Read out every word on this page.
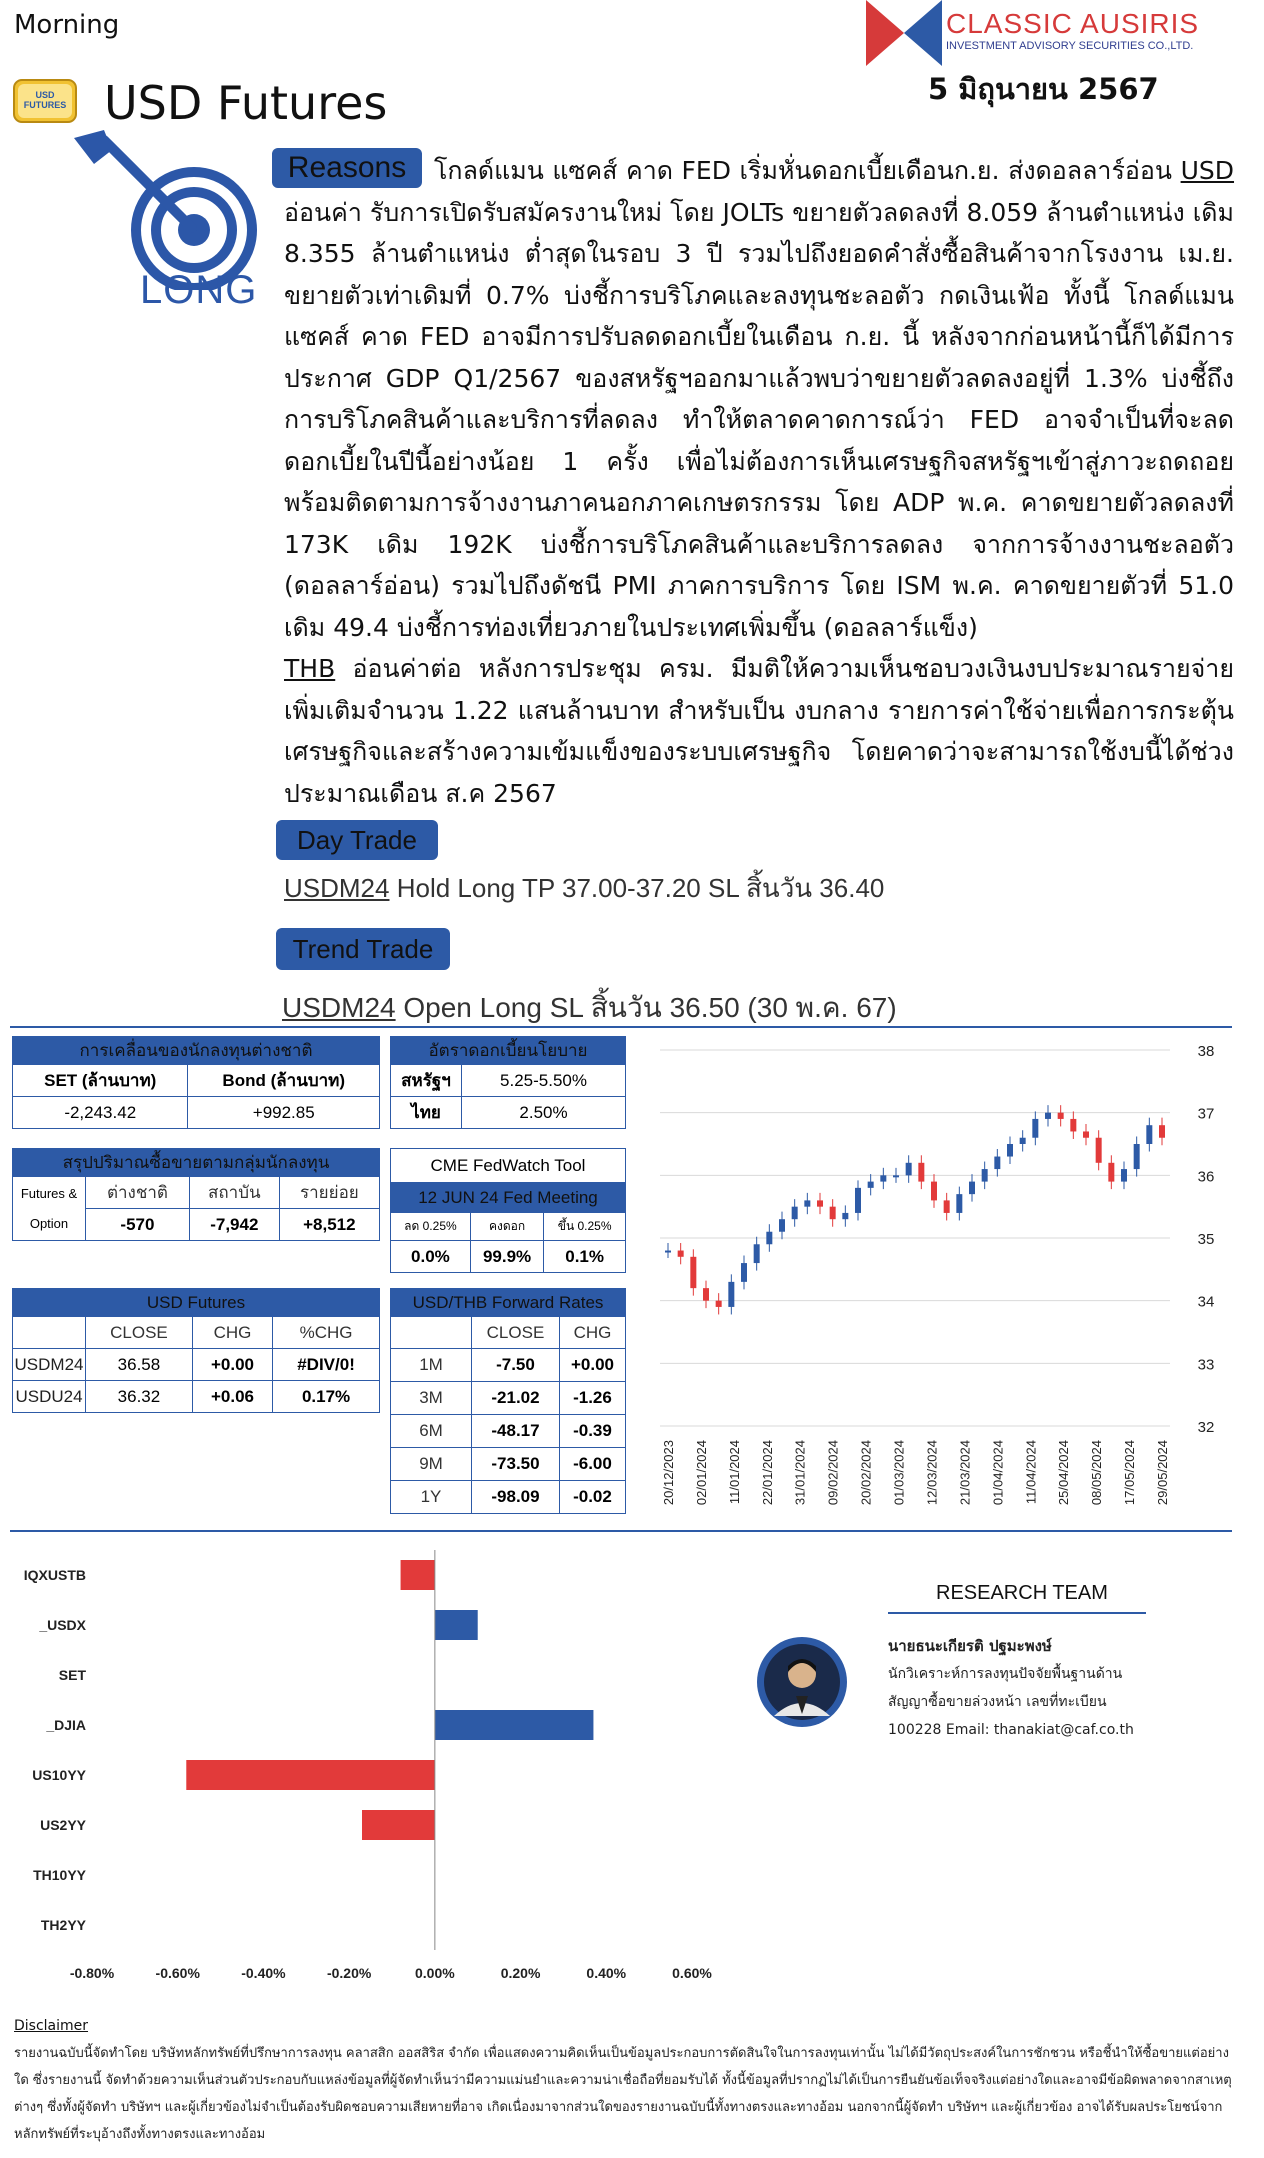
Morning	CLASSIC AUSIRIS
INVESTMENT ADVISORY SECURITIES CO.,LTD.
5 มิถุนายน 2567
USD FUTURES USD Futures
LONG
Reasons	โกลด์แมน แซคส์ คาด FED เริ่มหั่นดอกเบี้ยเดือนก.ย. ส่งดอลลาร์อ่อน USD อ่อนค่า รับการเปิดรับสมัครงานใหม่ โดย JOLTs ขยายตัวลดลงที่ 8.059 ล้านตำแหน่ง เดิม 8.355 ล้านตำแหน่ง ต่ำสุดในรอบ 3 ปี รวมไปถึงยอดคำสั่งซื้อสินค้าจากโรงงาน เม.ย. ขยายตัวเท่าเดิมที่ 0.7% บ่งชี้การบริโภคและลงทุนชะลอตัว กดเงินเฟ้อ ทั้งนี้ โกลด์แมน แซคส์ คาด FED อาจมีการปรับลดดอกเบี้ยในเดือน ก.ย. นี้ หลังจากก่อนหน้านี้ก็ได้มีการประกาศ GDP Q1/2567 ของสหรัฐฯออกมาแล้วพบว่าขยายตัวลดลงอยู่ที่ 1.3% บ่งชี้ถึงการบริโภคสินค้าและบริการที่ลดลง ทำให้ตลาดคาดการณ์ว่า FED อาจจำเป็นที่จะลดดอกเบี้ยในปีนี้อย่างน้อย 1 ครั้ง เพื่อไม่ต้องการเห็นเศรษฐกิจสหรัฐฯเข้าสู่ภาวะถดถอย พร้อมติดตามการจ้างงานภาคนอกภาคเกษตรกรรม โดย ADP พ.ค. คาดขยายตัวลดลงที่ 173K เดิม 192K บ่งชี้การบริโภคสินค้าและบริการลดลง จากการจ้างงานชะลอตัว (ดอลลาร์อ่อน) รวมไปถึงดัชนี PMI ภาคการบริการ โดย ISM พ.ค. คาดขยายตัวที่ 51.0 เดิม 49.4 บ่งชี้การท่องเที่ยวภายในประเทศเพิ่มขึ้น (ดอลลาร์แข็ง)
THB อ่อนค่าต่อ หลังการประชุม ครม. มีมติให้ความเห็นชอบวงเงินงบประมาณรายจ่ายเพิ่มเติมจำนวน 1.22 แสนล้านบาท สำหรับเป็น งบกลาง รายการค่าใช้จ่ายเพื่อการกระตุ้นเศรษฐกิจและสร้างความเข้มแข็งของระบบเศรษฐกิจ โดยคาดว่าจะสามารถใช้งบนี้ได้ช่วงประมาณเดือน ส.ค 2567
Day Trade
USDM24 Hold Long TP 37.00-37.20 SL สิ้นวัน 36.40
Trend Trade
USDM24 Open Long SL สิ้นวัน 36.50 (30 พ.ค. 67)
การเคลื่อนของนักลงทุนต่างชาติ	
SET (ล้านบาท)	Bond (ล้านบาท)
-2,243.42	+992.85
อัตราดอกเบี้ยนโยบาย	
สหรัฐฯ	5.25-5.50%
ไทย	2.50%
สรุปปริมาณซื้อขายตามกลุ่มนักลงทุน			
Futures &
Option	ต่างชาติ	สถาบัน	รายย่อย
	-570	-7,942	+8,512
CME FedWatch Tool		
12 JUN 24 Fed Meeting		
ลด 0.25%	คงดอก	ขึ้น 0.25%
0.0%	99.9%	0.1%
USD Futures			
	CLOSE	CHG	%CHG
USDM24	36.58	+0.00	#DIV/0!
USDU24	36.32	+0.06	0.17%
USD/THB Forward Rates		
	CLOSE	CHG
1M	-7.50	+0.00
3M	-21.02	-1.26
6M	-48.17	-0.39
9M	-73.50	-6.00
1Y	-98.09	-0.02
38
37
36
35
34
33
32
20/12/2023 02/01/2024 11/01/2024 22/01/2024 31/01/2024 09/02/2024 20/02/2024 01/03/2024 12/03/2024 21/03/2024 01/04/2024 11/04/2024 25/04/2024 08/05/2024 17/05/2024 29/05/2024
IQXUSTB
_USDX
SET
_DJIA
US10YY
US2YY
TH10YY
TH2YY
-0.80%	-0.60%	-0.40%	-0.20%	0.00%	0.20%	0.40%	0.60%
RESEARCH TEAM
นายธนะเกียรติ ปฐมะพงษ์
นักวิเคราะห์การลงทุนปัจจัยพื้นฐานด้าน
สัญญาซื้อขายล่วงหน้า เลขที่ทะเบียน
100228 Email: thanakiat@caf.co.th
Disclaimer
รายงานฉบับนี้จัดทำโดย บริษัทหลักทรัพย์ที่ปรึกษาการลงทุน คลาสสิก ออสสิริส จำกัด เพื่อแสดงความคิดเห็นเป็นข้อมูลประกอบการตัดสินใจในการลงทุนเท่านั้น ไม่ได้มีวัตถุประสงค์ในการชักชวน หรือชี้นำให้ซื้อขายแต่อย่างใด ซึ่งรายงานนี้ จัดทำด้วยความเห็นส่วนตัวประกอบกับแหล่งข้อมูลที่ผู้จัดทำเห็นว่ามีความแม่นยำและความน่าเชื่อถือที่ยอมรับได้ ทั้งนี้ข้อมูลที่ปรากฏไม่ได้เป็นการยืนยันข้อเท็จจริงแต่อย่างใดและอาจมีข้อผิดพลาดจากสาเหตุต่างๆ ซึ่งทั้งผู้จัดทำ บริษัทฯ และผู้เกี่ยวข้องไม่จำเป็นต้องรับผิดชอบความเสียหายที่อาจ เกิดเนื่องมาจากส่วนใดของรายงานฉบับนี้ทั้งทางตรงและทางอ้อม นอกจากนี้ผู้จัดทำ บริษัทฯ และผู้เกี่ยวข้อง อาจได้รับผลประโยชน์จากหลักทรัพย์ที่ระบุอ้างถึงทั้งทางตรงและทางอ้อม
